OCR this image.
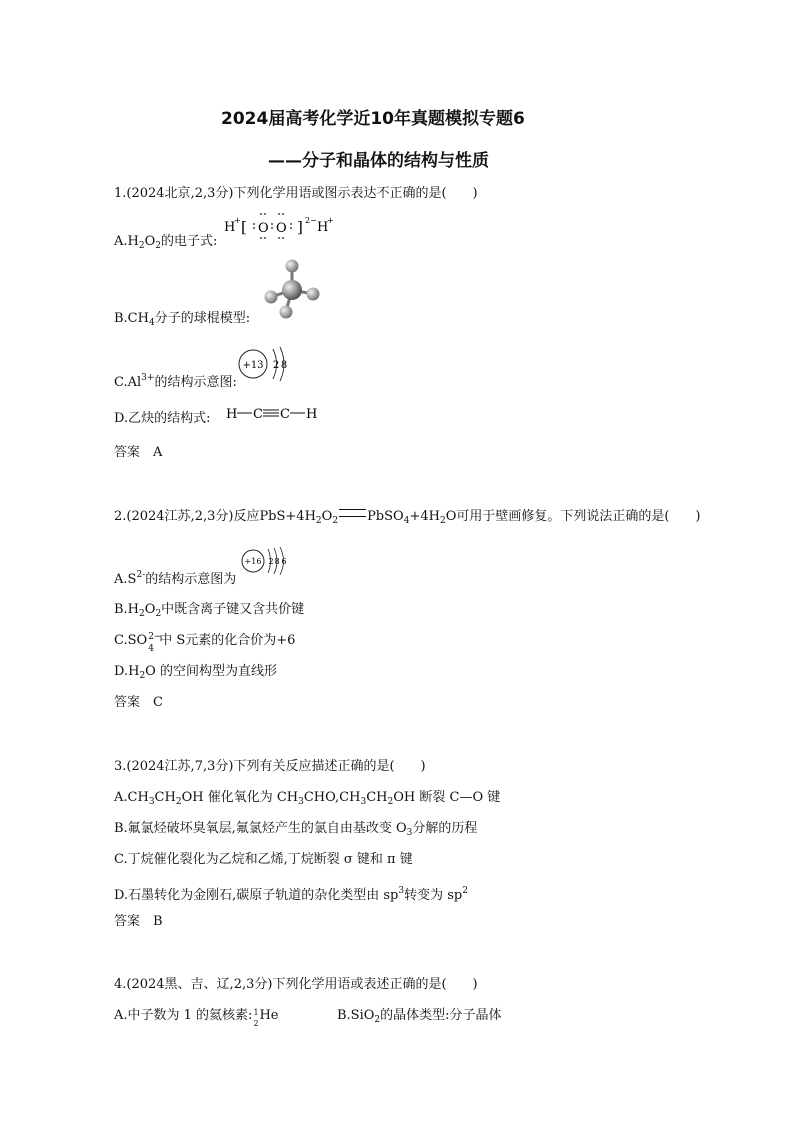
2024届高考化学近10年真题模拟专题6
——分子和晶体的结构与性质
1.(2024北京,2,3分)下列化学用语或图示表达不正确的是(　　)
H
+ [ O O ] 2− H
+
$A.H_2O_2$的电子式:
$B.CH_4$分子的球棍模型:
+13 2 8
$C.Al^{3+}$的结构示意图:
H C C H
D.乙炔的结构式:
答案　A
2.(2024江苏,2,3分)反应$PbS+4H_2O_2$ $PbSO_4+4H_2O$可用于壁画修复。下列说法正确的是(　　)
+16 2 8 6
$A.S^{2-}$的结构示意图为
$B.H_2O_2$中既含离子键又含共价键
C.SO 2−
4
中 S元素的化合价为+6
$D.H_2O$ 的空间构型为直线形
答案　C
3.(2024江苏,7,3分)下列有关反应描述正确的是(　　)
$A.CH_3CH_2OH$ 催化氧化为 $CH_3CHO,CH_3CH_2OH$ 断裂 C—O 键
B.氟氯烃破坏臭氧层,氟氯烃产生的氯自由基改变 $O_3$分解的历程
C.丁烷催化裂化为乙烷和乙烯,丁烷断裂 σ 键和 π 键
D.石墨转化为金刚石,碳原子轨道的杂化类型由 $sp^3$转变为 $sp^2$
答案　B
4.(2024黑、吉、辽,2,3分)下列化学用语或表述正确的是(　　)
A.中子数为 1 的氦核素: 1
2
He	B.SiO$_2$的晶体类型:分子晶体
